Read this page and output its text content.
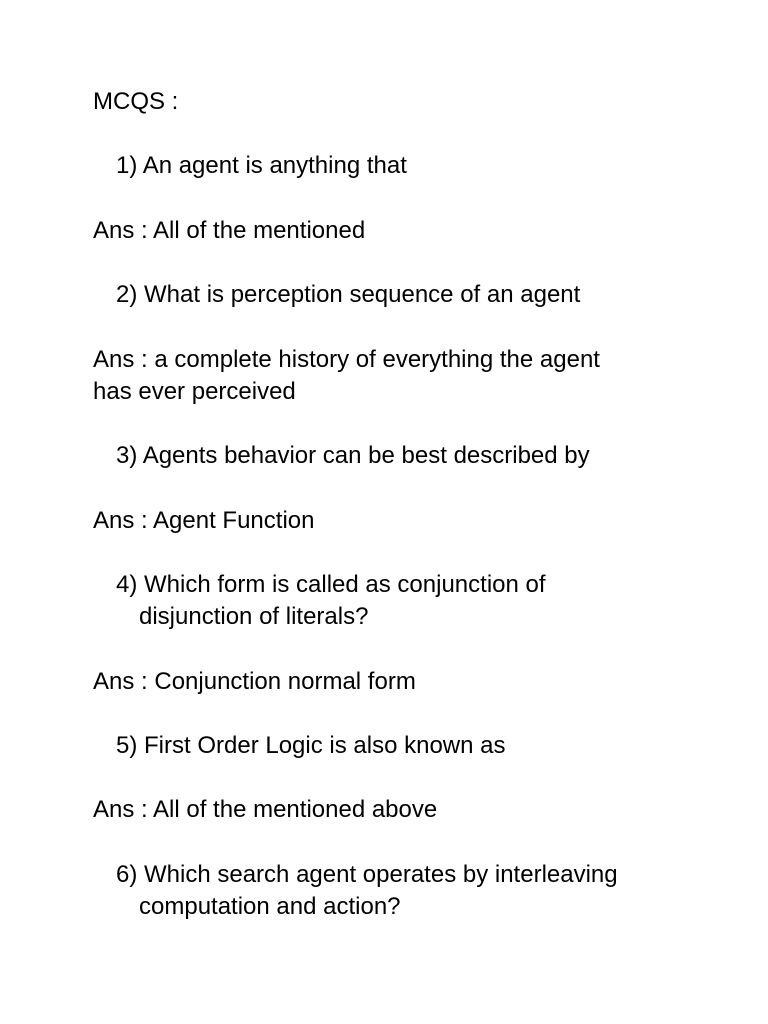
MCQS :

1) An agent is anything that

Ans : All of the mentioned

2) What is perception sequence of an agent

Ans : a complete history of everything the agent

has ever perceived

3) Agents behavior can be best described by

Ans : Agent Function

4) Which form is called as conjunction of

disjunction of literals?

Ans : Conjunction normal form

5) First Order Logic is also known as

Ans : All of the mentioned above

6) Which search agent operates by interleaving

computation and action?
